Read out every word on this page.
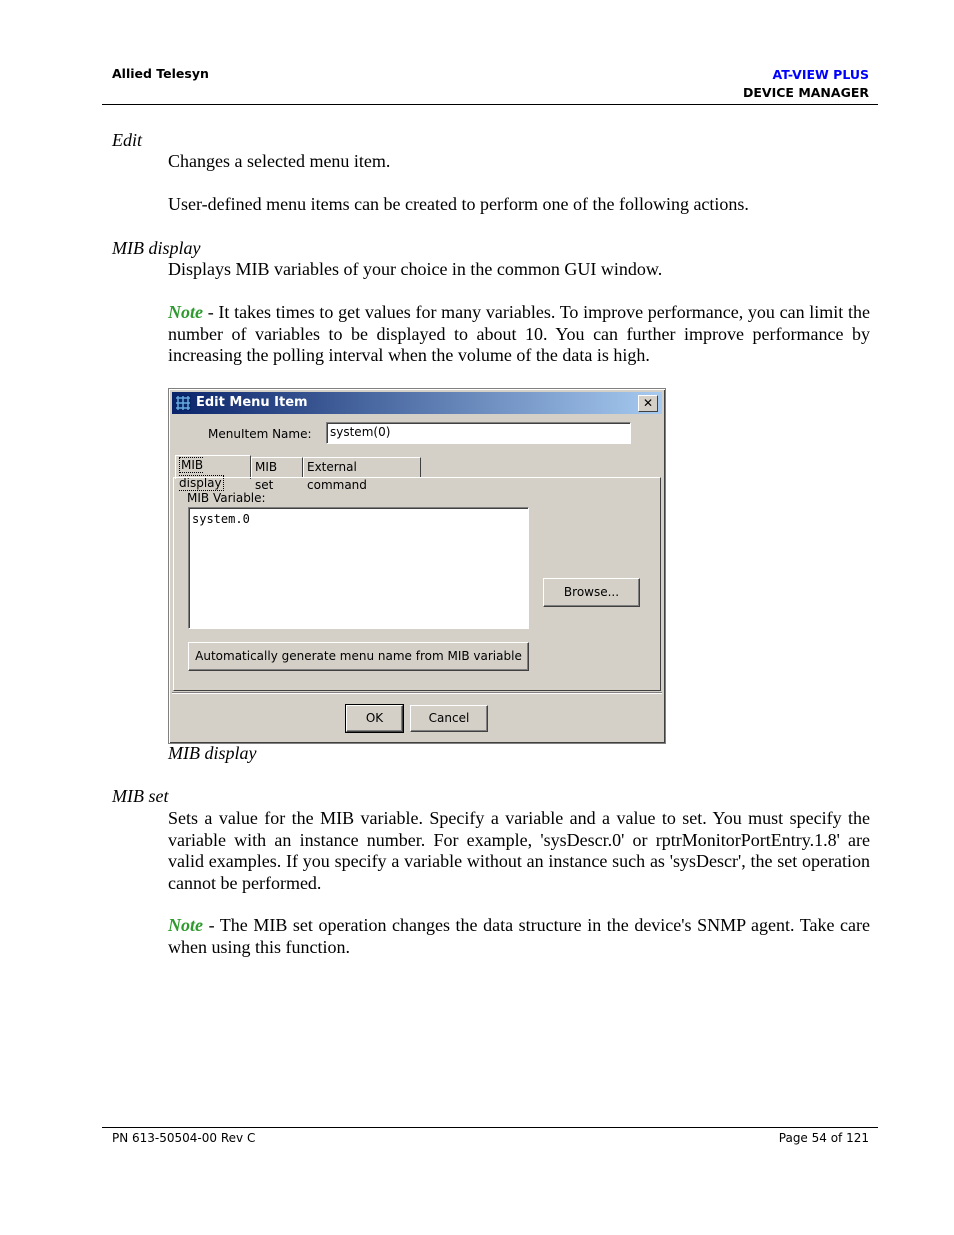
Allied Telesyn	AT-VIEW PLUS
DEVICE MANAGER
Edit
Changes a selected menu item.
User-defined menu items can be created to perform one of the following actions.
MIB display
Displays MIB variables of your choice in the common GUI window.
Note - It takes times to get values for many variables. To improve performance, you can limit the number of variables to be displayed to about 10. You can further improve performance by increasing the polling interval when the volume of the data is high.
Edit Menu Item	✕
MenuItem Name:	system(0)
MIB display
MIB set
External command
MIB Variable:
system.0
Browse...
Automatically generate menu name from MIB variable
OK	Cancel
MIB display
MIB set
Sets a value for the MIB variable. Specify a variable and a value to set. You must specify the variable with an instance number. For example, 'sysDescr.0' or rptrMonitorPortEntry.1.8' are valid examples. If you specify a variable without an instance such as 'sysDescr', the set operation cannot be performed.
Note - The MIB set operation changes the data structure in the device's SNMP agent. Take care when using this function.
PN 613-50504-00 Rev C	Page 54 of 121
